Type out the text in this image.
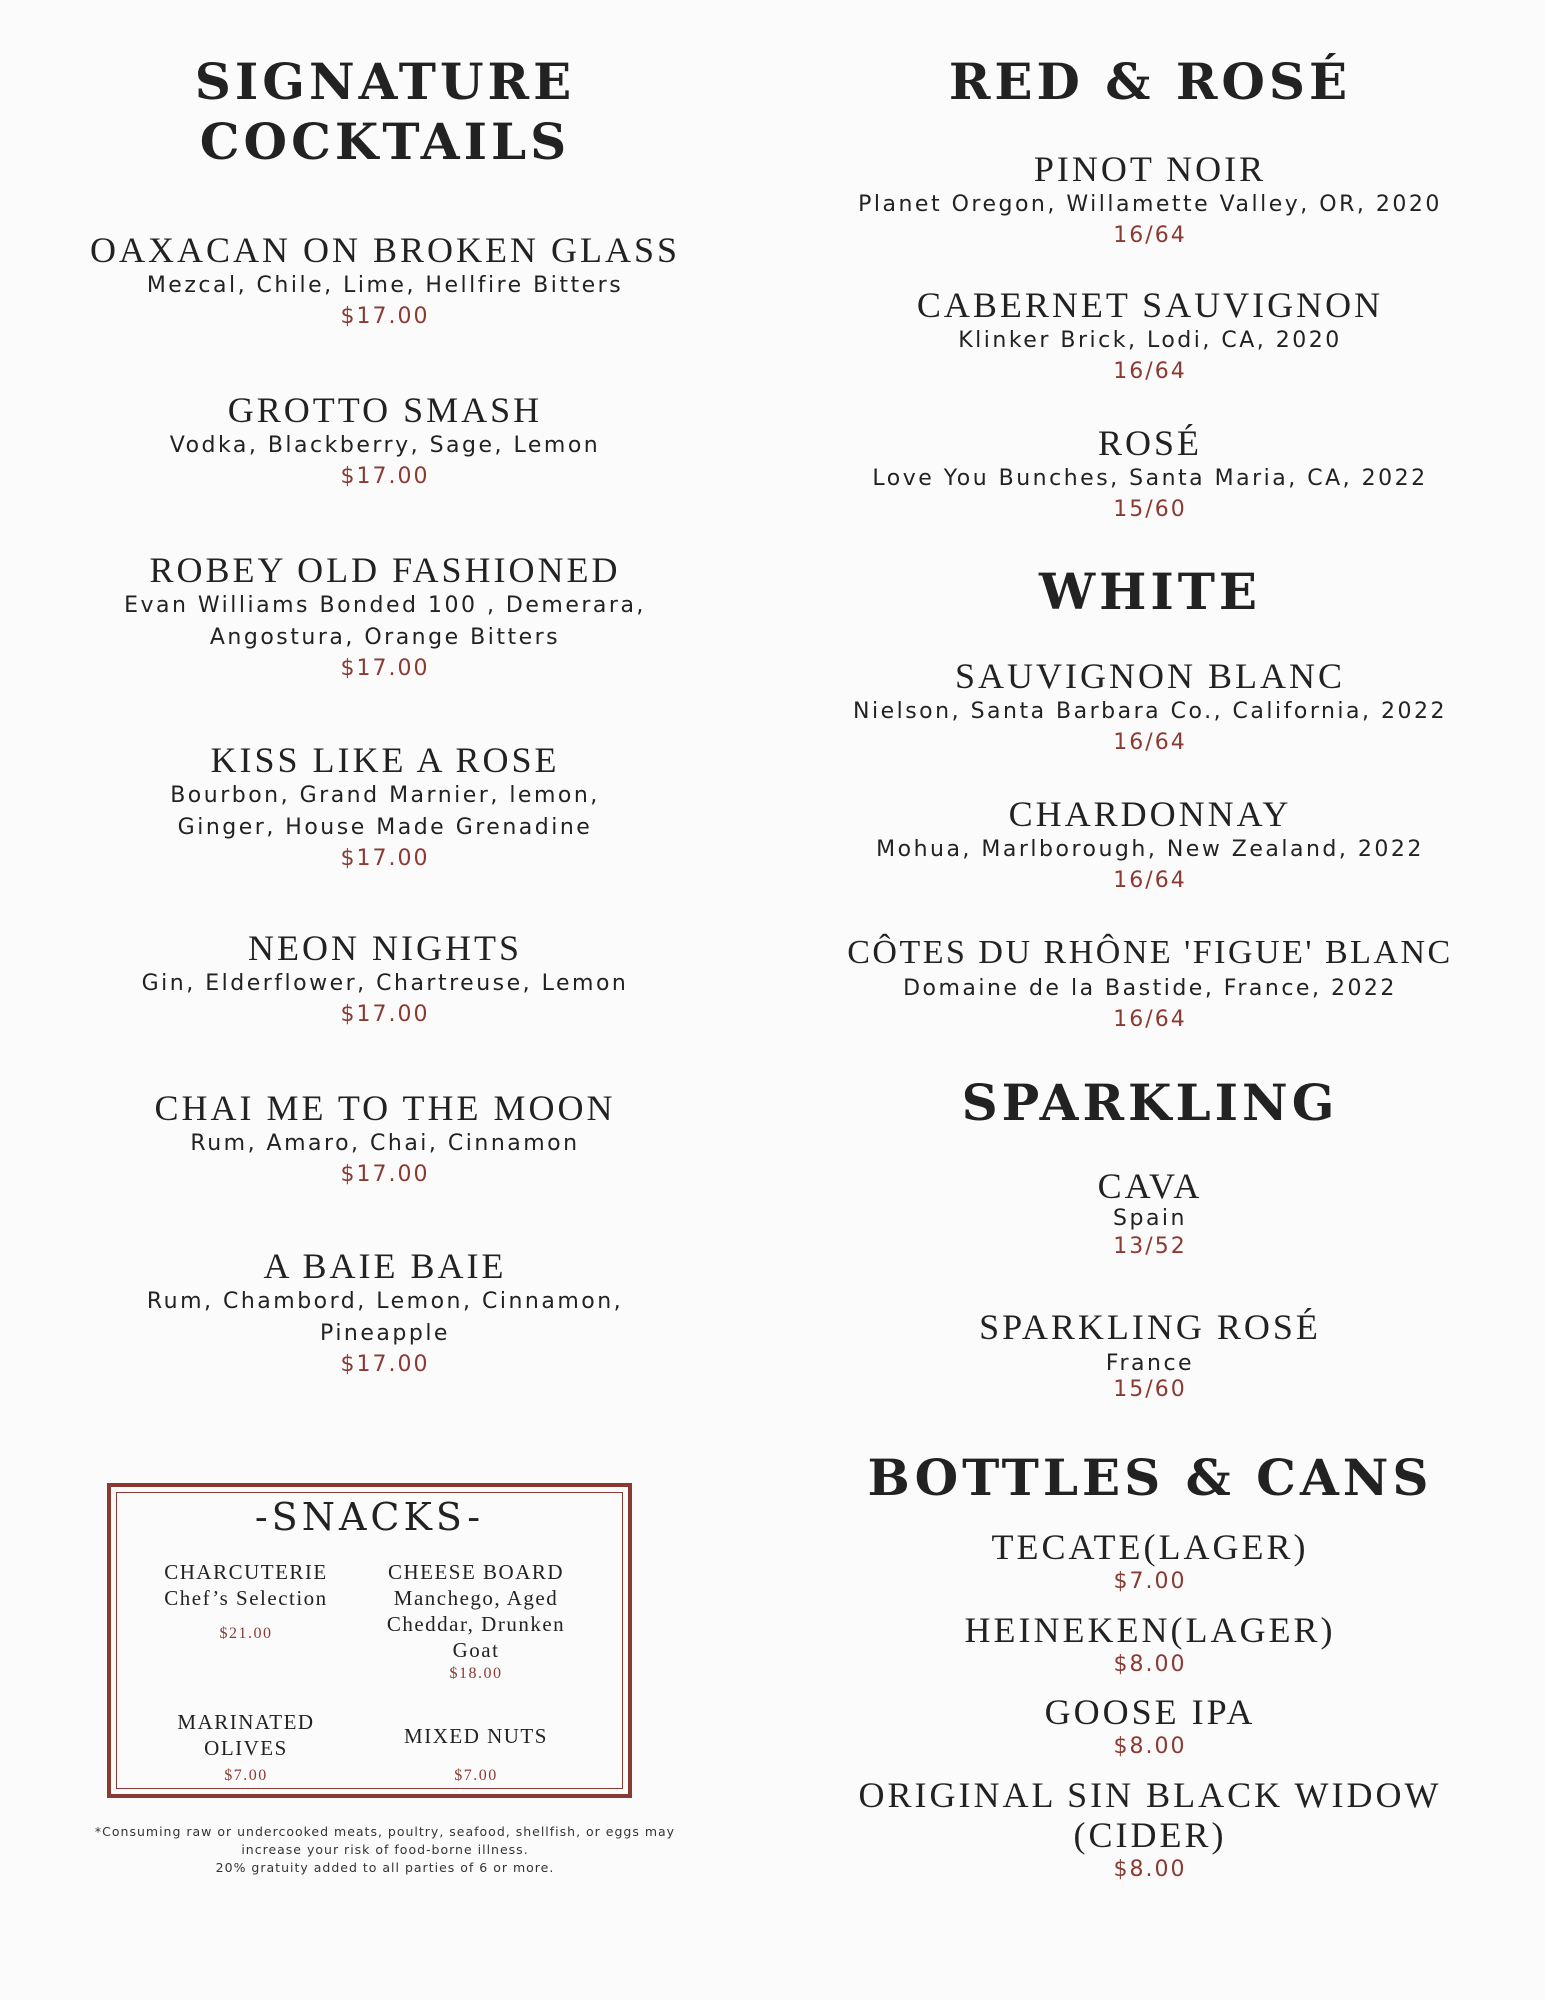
SIGNATURE
COCKTAILS
OAXACAN ON BROKEN GLASS
Mezcal, Chile, Lime, Hellfire Bitters
$17.00
GROTTO SMASH
Vodka, Blackberry, Sage, Lemon
$17.00
ROBEY OLD FASHIONED
Evan Williams Bonded 100 , Demerara,
Angostura, Orange Bitters
$17.00
KISS LIKE A ROSE
Bourbon, Grand Marnier, lemon,
Ginger, House Made Grenadine
$17.00
NEON NIGHTS
Gin, Elderflower, Chartreuse, Lemon
$17.00
CHAI ME TO THE MOON
Rum, Amaro, Chai, Cinnamon
$17.00
A BAIE BAIE
Rum, Chambord, Lemon, Cinnamon,
Pineapple
$17.00
-SNACKS-
CHARCUTERIE
Chef’s Selection
$21.00
CHEESE BOARD
Manchego, Aged Cheddar, Drunken Goat
$18.00
MARINATED OLIVES
$7.00
MIXED NUTS
$7.00
*Consuming raw or undercooked meats, poultry, seafood, shellfish, or eggs may
increase your risk of food-borne illness.
20% gratuity added to all parties of 6 or more.
RED & ROSÉ
PINOT NOIR
Planet Oregon, Willamette Valley, OR, 2020
16/64
CABERNET SAUVIGNON
Klinker Brick, Lodi, CA, 2020
16/64
ROSÉ
Love You Bunches, Santa Maria, CA, 2022
15/60
WHITE
SAUVIGNON BLANC
Nielson, Santa Barbara Co., California, 2022
16/64
CHARDONNAY
Mohua, Marlborough, New Zealand, 2022
16/64
CÔTES DU RHÔNE 'FIGUE' BLANC
Domaine de la Bastide, France, 2022
16/64
SPARKLING
CAVA
Spain
13/52
SPARKLING ROSÉ
France
15/60
BOTTLES & CANS
TECATE(LAGER)
$7.00
HEINEKEN(LAGER)
$8.00
GOOSE IPA
$8.00
ORIGINAL SIN BLACK WIDOW
(CIDER)
$8.00
